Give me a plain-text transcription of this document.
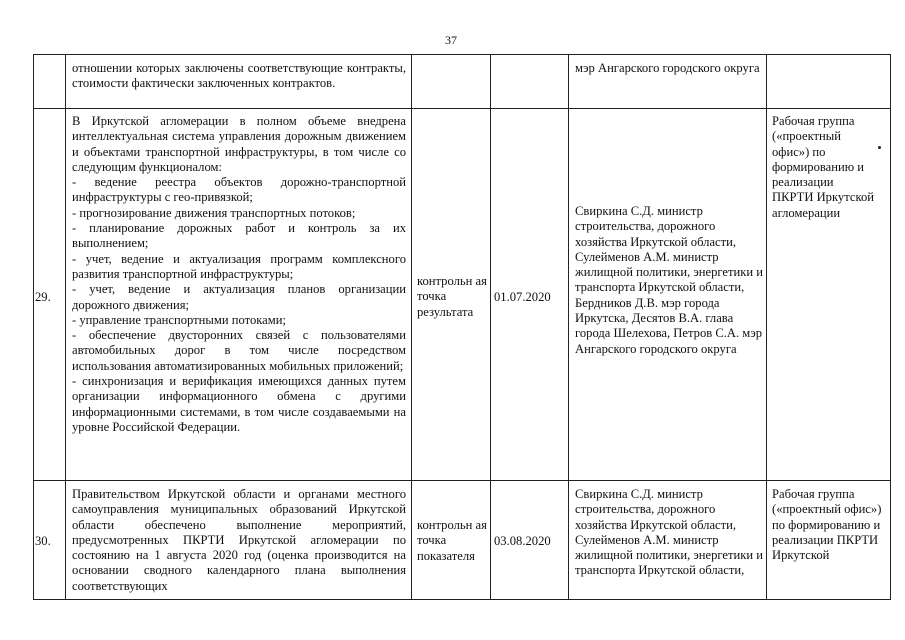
37
отношении которых заключены соответствующие контракты, стоимости фактически заключенных контрактов.
мэр Ангарского городского округа
29.
В Иркутской агломерации в полном объеме внедрена интеллектуальная система управления дорожным движением и объектами транспортной инфраструктуры, в том числе со следующим функционалом:
- ведение реестра объектов дорожно-транспортной инфраструктуры с гео-привязкой;
- прогнозирование движения транспортных потоков;
- планирование дорожных работ и контроль за их выполнением;
- учет, ведение и актуализация программ комплексного развития транспортной инфраструктуры;
- учет, ведение и актуализация планов организации дорожного движения;
- управление транспортными потоками;
- обеспечение двусторонних связей с пользователями автомобильных дорог в том числе посредством использования автоматизированных мобильных приложений;
- синхронизация и верификация имеющихся данных путем организации информационного обмена с другими информационными системами, в том числе создаваемыми на уровне Российской Федерации.
контрольн ая точка результата
01.07.2020
Свиркина С.Д. министр строительства, дорожного хозяйства Иркутской области, Сулейменов А.М. министр жилищной политики, энергетики и транспорта Иркутской области, Бердников Д.В. мэр города Иркутска, Десятов В.А. глава города Шелехова, Петров С.А. мэр Ангарского городского округа
Рабочая группа («проектный офис») по формированию и реализации ПКРТИ Иркутской агломерации
30.
Правительством Иркутской области и органами местного самоуправления муниципальных образований Иркутской области обеспечено выполнение мероприятий, предусмотренных ПКРТИ Иркутской агломерации по состоянию на 1 августа 2020 год (оценка производится на основании сводного календарного плана выполнения соответствующих
контрольн ая точка показателя
03.08.2020
Свиркина С.Д. министр строительства, дорожного хозяйства Иркутской области, Сулейменов А.М. министр жилищной политики, энергетики и транспорта Иркутской области,
Рабочая группа («проектный офис») по формированию и реализации ПКРТИ Иркутской
